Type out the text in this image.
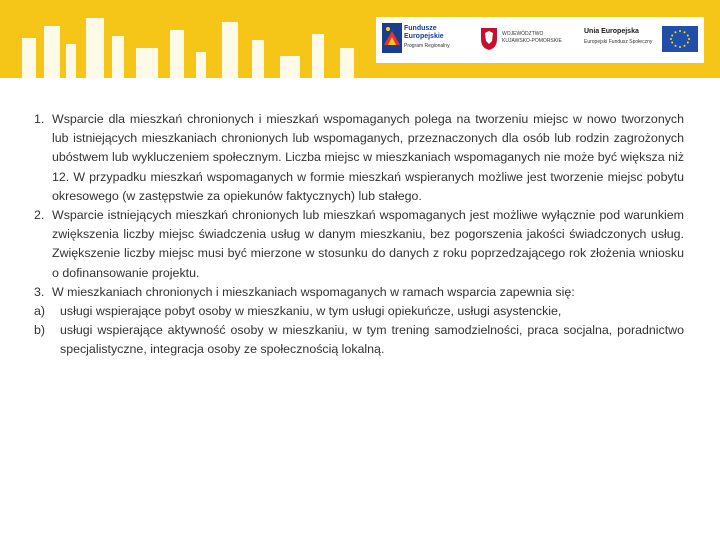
Fundusze
Europejskie
Program Regionalny
WOJEWÓDZTWO
KUJAWSKO-POMORSKIE
Unia Europejska
Europejski Fundusz Społeczny
1. Wsparcie dla mieszkań chronionych i mieszkań wspomaganych polega na tworzeniu miejsc w nowo tworzonych lub istniejących mieszkaniach chronionych lub wspomaganych, przeznaczonych dla osób lub rodzin zagrożonych ubóstwem lub wykluczeniem społecznym. Liczba miejsc w mieszkaniach wspomaganych nie może być większa niż 12. W przypadku mieszkań wspomaganych w formie mieszkań wspieranych możliwe jest tworzenie miejsc pobytu okresowego (w zastępstwie za opiekunów faktycznych) lub stałego.
2. Wsparcie istniejących mieszkań chronionych lub mieszkań wspomaganych jest możliwe wyłącznie pod warunkiem zwiększenia liczby miejsc świadczenia usług w danym mieszkaniu, bez pogorszenia jakości świadczonych usług. Zwiększenie liczby miejsc musi być mierzone w stosunku do danych z roku poprzedzającego rok złożenia wniosku o dofinansowanie projektu.
3. W mieszkaniach chronionych i mieszkaniach wspomaganych w ramach wsparcia zapewnia się:
a)	usługi wspierające pobyt osoby w mieszkaniu, w tym usługi opiekuńcze, usługi asystenckie,
b)	usługi wspierające aktywność osoby w mieszkaniu, w tym trening samodzielności, praca socjalna, poradnictwo specjalistyczne, integracja osoby ze społecznością lokalną.
